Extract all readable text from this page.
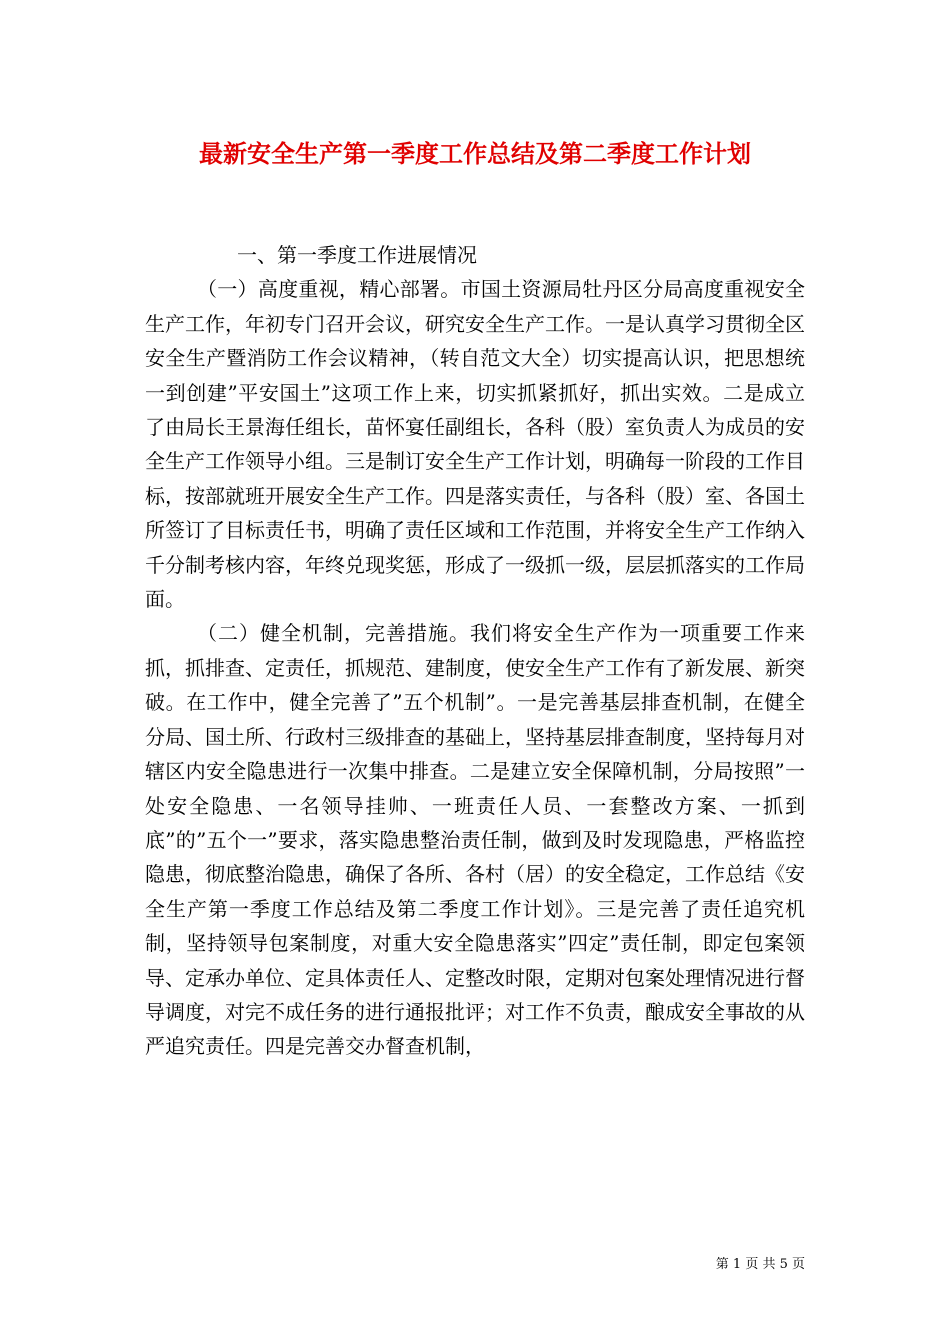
最新安全生产第一季度工作总结及第二季度工作计划

一、第一季度工作进展情况

（一）高度重视，精心部署。市国土资源局牡丹区分局高度重视安全生产工作，年初专门召开会议，研究安全生产工作。一是认真学习贯彻全区安全生产暨消防工作会议精神，（转自范文大全）切实提高认识，把思想统一到创建”平安国土”这项工作上来，切实抓紧抓好，抓出实效。二是成立了由局长王景海任组长，苗怀宴任副组长，各科（股）室负责人为成员的安全生产工作领导小组。三是制订安全生产工作计划，明确每一阶段的工作目标，按部就班开展安全生产工作。四是落实责任，与各科（股）室、各国土所签订了目标责任书，明确了责任区域和工作范围，并将安全生产工作纳入千分制考核内容，年终兑现奖惩，形成了一级抓一级，层层抓落实的工作局面。

（二）健全机制，完善措施。我们将安全生产作为一项重要工作来抓，抓排查、定责任，抓规范、建制度，使安全生产工作有了新发展、新突破。在工作中，健全完善了”五个机制”。一是完善基层排查机制，在健全分局、国土所、行政村三级排查的基础上，坚持基层排查制度，坚持每月对辖区内安全隐患进行一次集中排查。二是建立安全保障机制，分局按照”一处安全隐患、一名领导挂帅、一班责任人员、一套整改方案、一抓到底”的”五个一”要求，落实隐患整治责任制，做到及时发现隐患，严格监控隐患，彻底整治隐患，确保了各所、各村（居）的安全稳定，工作总结《安全生产第一季度工作总结及第二季度工作计划》。三是完善了责任追究机制，坚持领导包案制度，对重大安全隐患落实”四定”责任制，即定包案领导、定承办单位、定具体责任人、定整改时限，定期对包案处理情况进行督导调度，对完不成任务的进行通报批评；对工作不负责，酿成安全事故的从严追究责任。四是完善交办督查机制，

第 1 页 共 5 页
